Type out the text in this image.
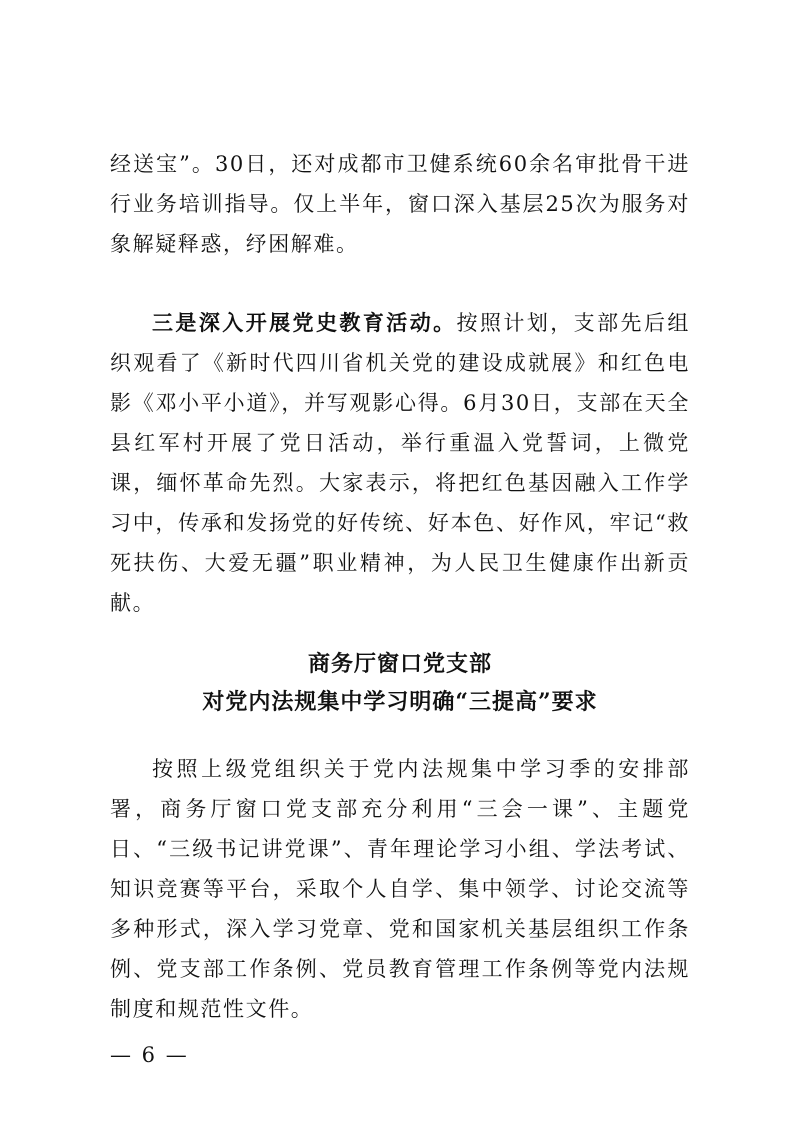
经送宝”。30日，还对成都市卫健系统60余名审批骨干进行业务培训指导。仅上半年，窗口深入基层25次为服务对象解疑释惑，纾困解难。

三是深入开展党史教育活动。按照计划，支部先后组织观看了《新时代四川省机关党的建设成就展》和红色电影《邓小平小道》，并写观影心得。6月30日，支部在天全县红军村开展了党日活动，举行重温入党誓词，上微党课，缅怀革命先烈。大家表示，将把红色基因融入工作学习中，传承和发扬党的好传统、好本色、好作风，牢记“救死扶伤、大爱无疆”职业精神，为人民卫生健康作出新贡献。

商务厅窗口党支部
对党内法规集中学习明确“三提高”要求

按照上级党组织关于党内法规集中学习季的安排部署，商务厅窗口党支部充分利用“三会一课”、主题党日、“三级书记讲党课”、青年理论学习小组、学法考试、知识竞赛等平台，采取个人自学、集中领学、讨论交流等多种形式，深入学习党章、党和国家机关基层组织工作条例、党支部工作条例、党员教育管理工作条例等党内法规制度和规范性文件。

— 6 —
